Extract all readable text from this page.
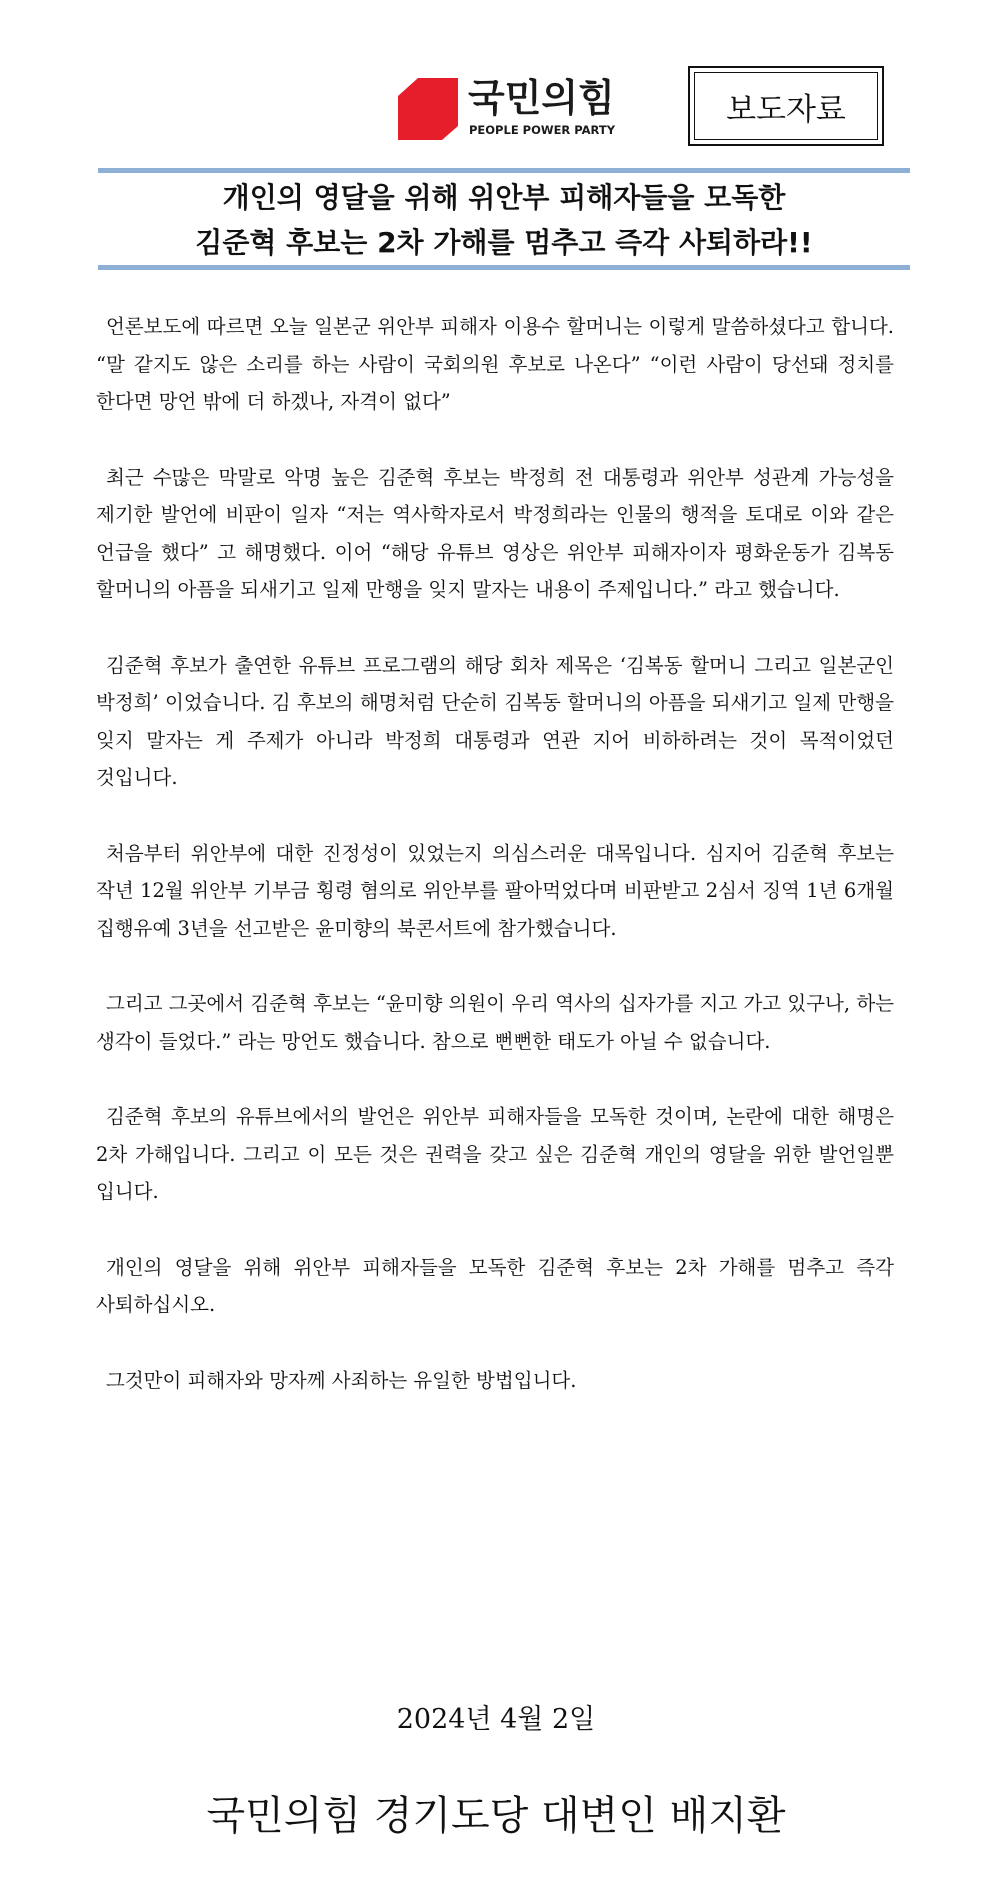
국민의힘
PEOPLE POWER PARTY
보도자료
개인의 영달을 위해 위안부 피해자들을 모독한
김준혁 후보는 2차 가해를 멈추고 즉각 사퇴하라!!

언론보도에 따르면 오늘 일본군 위안부 피해자 이용수 할머니는 이렇게 말씀하셨다고 합니다. “말 같지도 않은 소리를 하는 사람이 국회의원 후보로 나온다” “이런 사람이 당선돼 정치를 한다면 망언 밖에 더 하겠나, 자격이 없다”

최근 수많은 막말로 악명 높은 김준혁 후보는 박정희 전 대통령과 위안부 성관계 가능성을 제기한 발언에 비판이 일자 “저는 역사학자로서 박정희라는 인물의 행적을 토대로 이와 같은 언급을 했다” 고 해명했다. 이어 “해당 유튜브 영상은 위안부 피해자이자 평화운동가 김복동 할머니의 아픔을 되새기고 일제 만행을 잊지 말자는 내용이 주제입니다.” 라고 했습니다.

김준혁 후보가 출연한 유튜브 프로그램의 해당 회차 제목은 ‘김복동 할머니 그리고 일본군인 박정희’ 이었습니다. 김 후보의 해명처럼 단순히 김복동 할머니의 아픔을 되새기고 일제 만행을 잊지 말자는 게 주제가 아니라 박정희 대통령과 연관 지어 비하하려는 것이 목적이었던 것입니다.

처음부터 위안부에 대한 진정성이 있었는지 의심스러운 대목입니다. 심지어 김준혁 후보는 작년 12월 위안부 기부금 횡령 혐의로 위안부를 팔아먹었다며 비판받고 2심서 징역 1년 6개월 집행유예 3년을 선고받은 윤미향의 북콘서트에 참가했습니다.

그리고 그곳에서 김준혁 후보는 “윤미향 의원이 우리 역사의 십자가를 지고 가고 있구나, 하는 생각이 들었다.” 라는 망언도 했습니다. 참으로 뻔뻔한 태도가 아닐 수 없습니다.

김준혁 후보의 유튜브에서의 발언은 위안부 피해자들을 모독한 것이며, 논란에 대한 해명은 2차 가해입니다. 그리고 이 모든 것은 권력을 갖고 싶은 김준혁 개인의 영달을 위한 발언일뿐 입니다.

개인의 영달을 위해 위안부 피해자들을 모독한 김준혁 후보는 2차 가해를 멈추고 즉각 사퇴하십시오.

그것만이 피해자와 망자께 사죄하는 유일한 방법입니다.

2024년 4월 2일
국민의힘 경기도당 대변인 배지환
